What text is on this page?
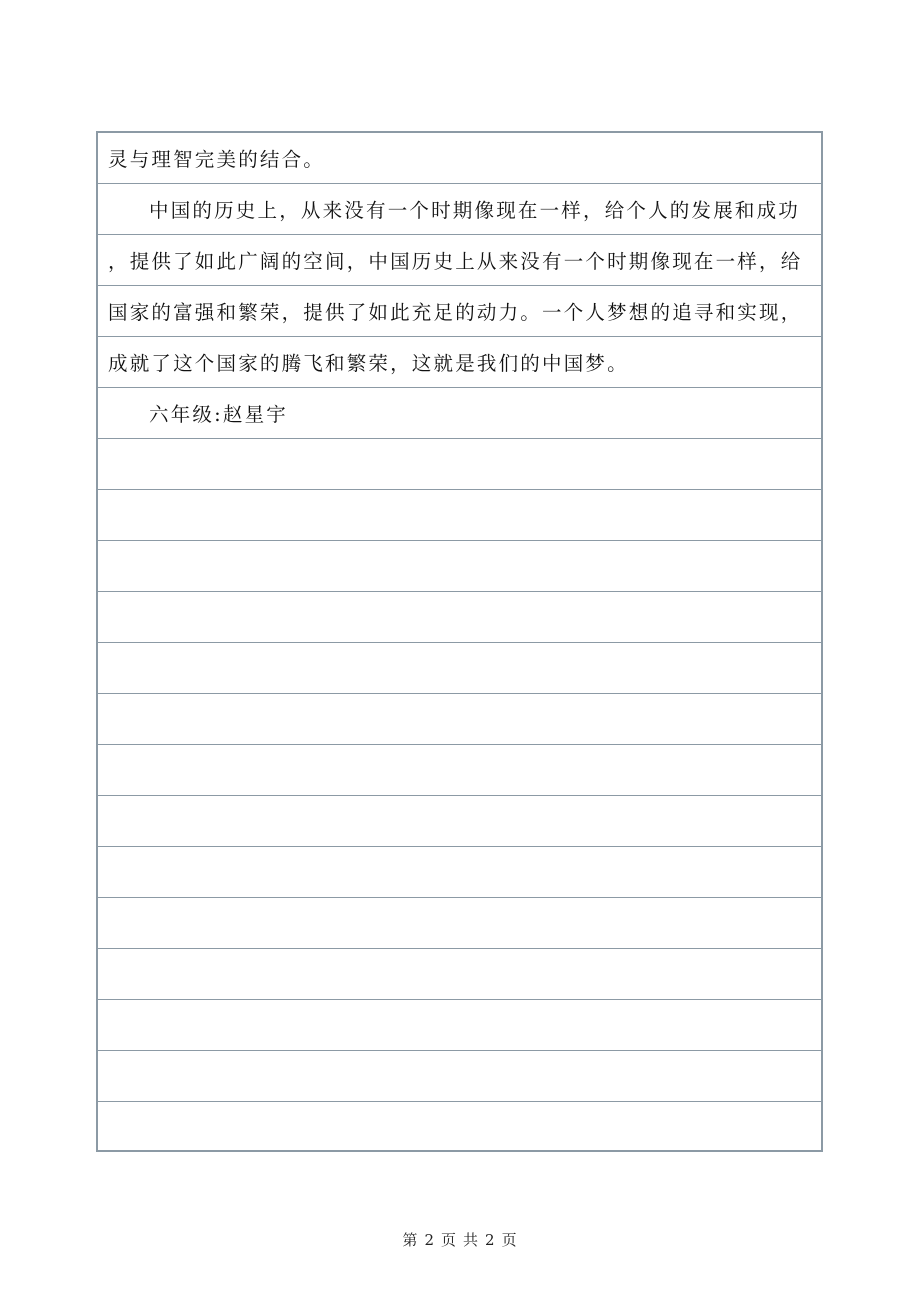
灵与理智完美的结合。
中国的历史上，从来没有一个时期像现在一样，给个人的发展和成功
，提供了如此广阔的空间，中国历史上从来没有一个时期像现在一样，给
国家的富强和繁荣，提供了如此充足的动力。一个人梦想的追寻和实现，
成就了这个国家的腾飞和繁荣，这就是我们的中国梦。
六年级:赵星宇
第 2 页 共 2 页
